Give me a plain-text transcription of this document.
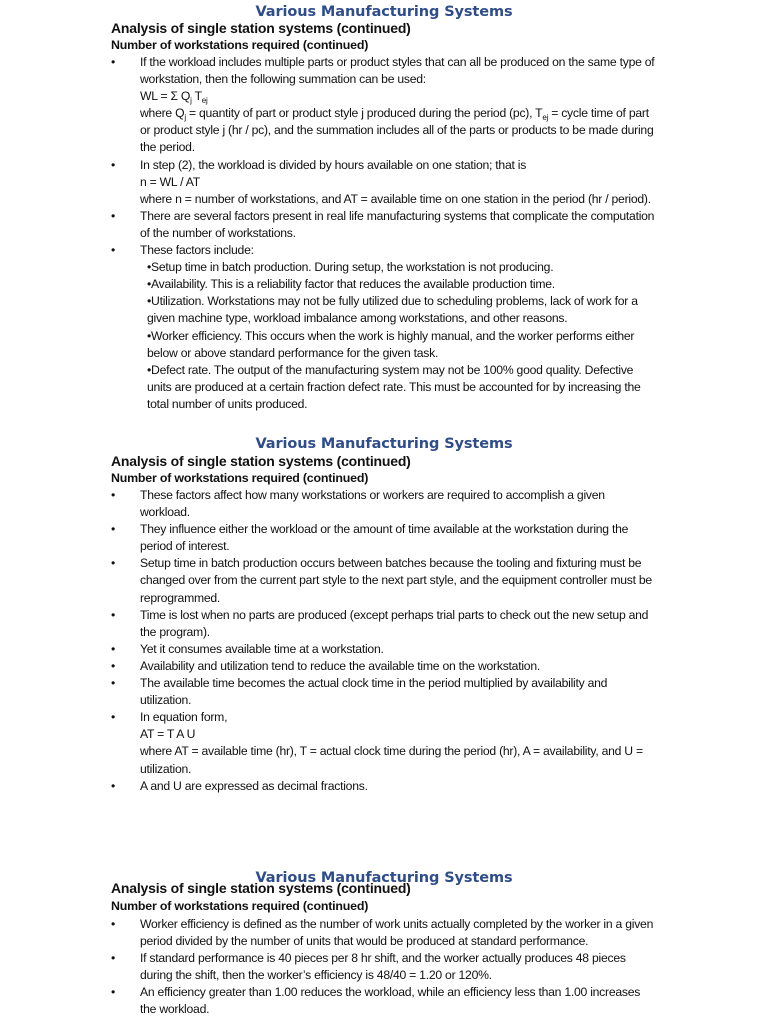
Various Manufacturing Systems
Analysis of single station systems (continued)
Number of workstations required (continued)
• If the workload includes multiple parts or product styles that can all be produced on the same type of
workstation, then the following summation can be used:
WL = Σ $Q_j$ $T_{ej}$
where $Q_j$ = quantity of part or product style j produced during the period (pc), $T_{ej}$ = cycle time of part
or product style j (hr / pc), and the summation includes all of the parts or products to be made during
the period.
• In step (2), the workload is divided by hours available on one station; that is
n = WL / AT
where n = number of workstations, and AT = available time on one station in the period (hr / period).
• There are several factors present in real life manufacturing systems that complicate the computation
of the number of workstations.
• These factors include:
•Setup time in batch production. During setup, the workstation is not producing.
•Availability. This is a reliability factor that reduces the available production time.
•Utilization. Workstations may not be fully utilized due to scheduling problems, lack of work for a
given machine type, workload imbalance among workstations, and other reasons.
•Worker efficiency. This occurs when the work is highly manual, and the worker performs either
below or above standard performance for the given task.
•Defect rate. The output of the manufacturing system may not be 100% good quality. Defective
units are produced at a certain fraction defect rate. This must be accounted for by increasing the
total number of units produced.
Various Manufacturing Systems
Analysis of single station systems (continued)
Number of workstations required (continued)
• These factors affect how many workstations or workers are required to accomplish a given
workload.
• They influence either the workload or the amount of time available at the workstation during the
period of interest.
• Setup time in batch production occurs between batches because the tooling and fixturing must be
changed over from the current part style to the next part style, and the equipment controller must be
reprogrammed.
• Time is lost when no parts are produced (except perhaps trial parts to check out the new setup and
the program).
• Yet it consumes available time at a workstation.
• Availability and utilization tend to reduce the available time on the workstation.
• The available time becomes the actual clock time in the period multiplied by availability and
utilization.
• In equation form,
AT = T A U
where AT = available time (hr), T = actual clock time during the period (hr), A = availability, and U =
utilization.
• A and U are expressed as decimal fractions.
Various Manufacturing Systems
Analysis of single station systems (continued)
Number of workstations required (continued)
• Worker efficiency is defined as the number of work units actually completed by the worker in a given
period divided by the number of units that would be produced at standard performance.
• If standard performance is 40 pieces per 8 hr shift, and the worker actually produces 48 pieces
during the shift, then the worker’s efficiency is 48/40 = 1.20 or 120%.
• An efficiency greater than 1.00 reduces the workload, while an efficiency less than 1.00 increases
the workload.
